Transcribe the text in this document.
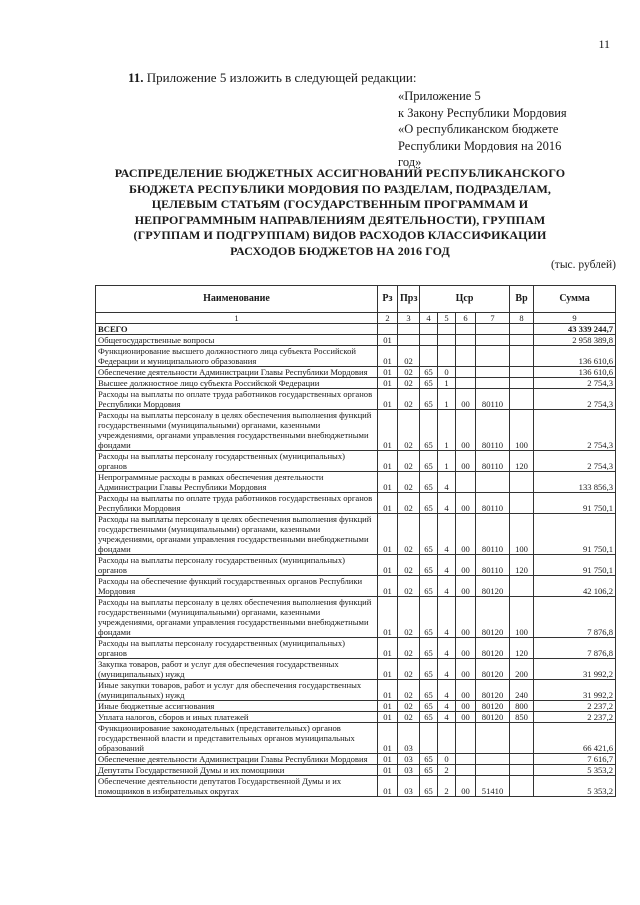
11
11. Приложение 5 изложить в следующей редакции:
«Приложение 5
к Закону Республики Мордовия
«О республиканском бюджете
Республики Мордовия на 2016
год»
РАСПРЕДЕЛЕНИЕ БЮДЖЕТНЫХ АССИГНОВАНИЙ РЕСПУБЛИКАНСКОГО
БЮДЖЕТА РЕСПУБЛИКИ МОРДОВИЯ ПО РАЗДЕЛАМ, ПОДРАЗДЕЛАМ,
ЦЕЛЕВЫМ СТАТЬЯМ (ГОСУДАРСТВЕННЫМ ПРОГРАММАМ И
НЕПРОГРАММНЫМ НАПРАВЛЕНИЯМ ДЕЯТЕЛЬНОСТИ), ГРУППАМ
(ГРУППАМ И ПОДГРУППАМ) ВИДОВ РАСХОДОВ КЛАССИФИКАЦИИ
РАСХОДОВ БЮДЖЕТОВ НА 2016 ГОД
(тыс. рублей)
Наименование	Рз	Прз	Цср				Вр	Сумма
1	2	3	4	5	6	7	8	9
ВСЕГО								43 339 244,7
Общегосударственные вопросы	01							2 958 389,8
Функционирование высшего должностного лица субъекта Российской Федерации и муниципального образования	01	02						136 610,6
Обеспечение деятельности Администрации Главы Республики Мордовия	01	02	65	0				136 610,6
Высшее должностное лицо субъекта Российской Федерации	01	02	65	1				2 754,3
Расходы на выплаты по оплате труда работников государственных органов Республики Мордовия	01	02	65	1	00	80110		2 754,3
Расходы на выплаты персоналу в целях обеспечения выполнения функций государственными (муниципальными) органами, казенными учреждениями, органами управления государственными внебюджетными фондами	01	02	65	1	00	80110	100	2 754,3
Расходы на выплаты персоналу государственных (муниципальных) органов	01	02	65	1	00	80110	120	2 754,3
Непрограммные расходы в рамках обеспечения деятельности Администрации Главы Республики Мордовия	01	02	65	4				133 856,3
Расходы на выплаты по оплате труда работников государственных органов Республики Мордовия	01	02	65	4	00	80110		91 750,1
Расходы на выплаты персоналу в целях обеспечения выполнения функций государственными (муниципальными) органами, казенными учреждениями, органами управления государственными внебюджетными фондами	01	02	65	4	00	80110	100	91 750,1
Расходы на выплаты персоналу государственных (муниципальных) органов	01	02	65	4	00	80110	120	91 750,1
Расходы на обеспечение функций государственных органов Республики Мордовия	01	02	65	4	00	80120		42 106,2
Расходы на выплаты персоналу в целях обеспечения выполнения функций государственными (муниципальными) органами, казенными учреждениями, органами управления государственными внебюджетными фондами	01	02	65	4	00	80120	100	7 876,8
Расходы на выплаты персоналу государственных (муниципальных) органов	01	02	65	4	00	80120	120	7 876,8
Закупка товаров, работ и услуг для обеспечения государственных (муниципальных) нужд	01	02	65	4	00	80120	200	31 992,2
Иные закупки товаров, работ и услуг для обеспечения государственных (муниципальных) нужд	01	02	65	4	00	80120	240	31 992,2
Иные бюджетные ассигнования	01	02	65	4	00	80120	800	2 237,2
Уплата налогов, сборов и иных платежей	01	02	65	4	00	80120	850	2 237,2
Функционирование законодательных (представительных) органов государственной власти и представительных органов муниципальных образований	01	03						66 421,6
Обеспечение деятельности Администрации Главы Республики Мордовия	01	03	65	0				7 616,7
Депутаты Государственной Думы и их помощники	01	03	65	2				5 353,2
Обеспечение деятельности депутатов Государственной Думы и их помощников в избирательных округах	01	03	65	2	00	51410		5 353,2
